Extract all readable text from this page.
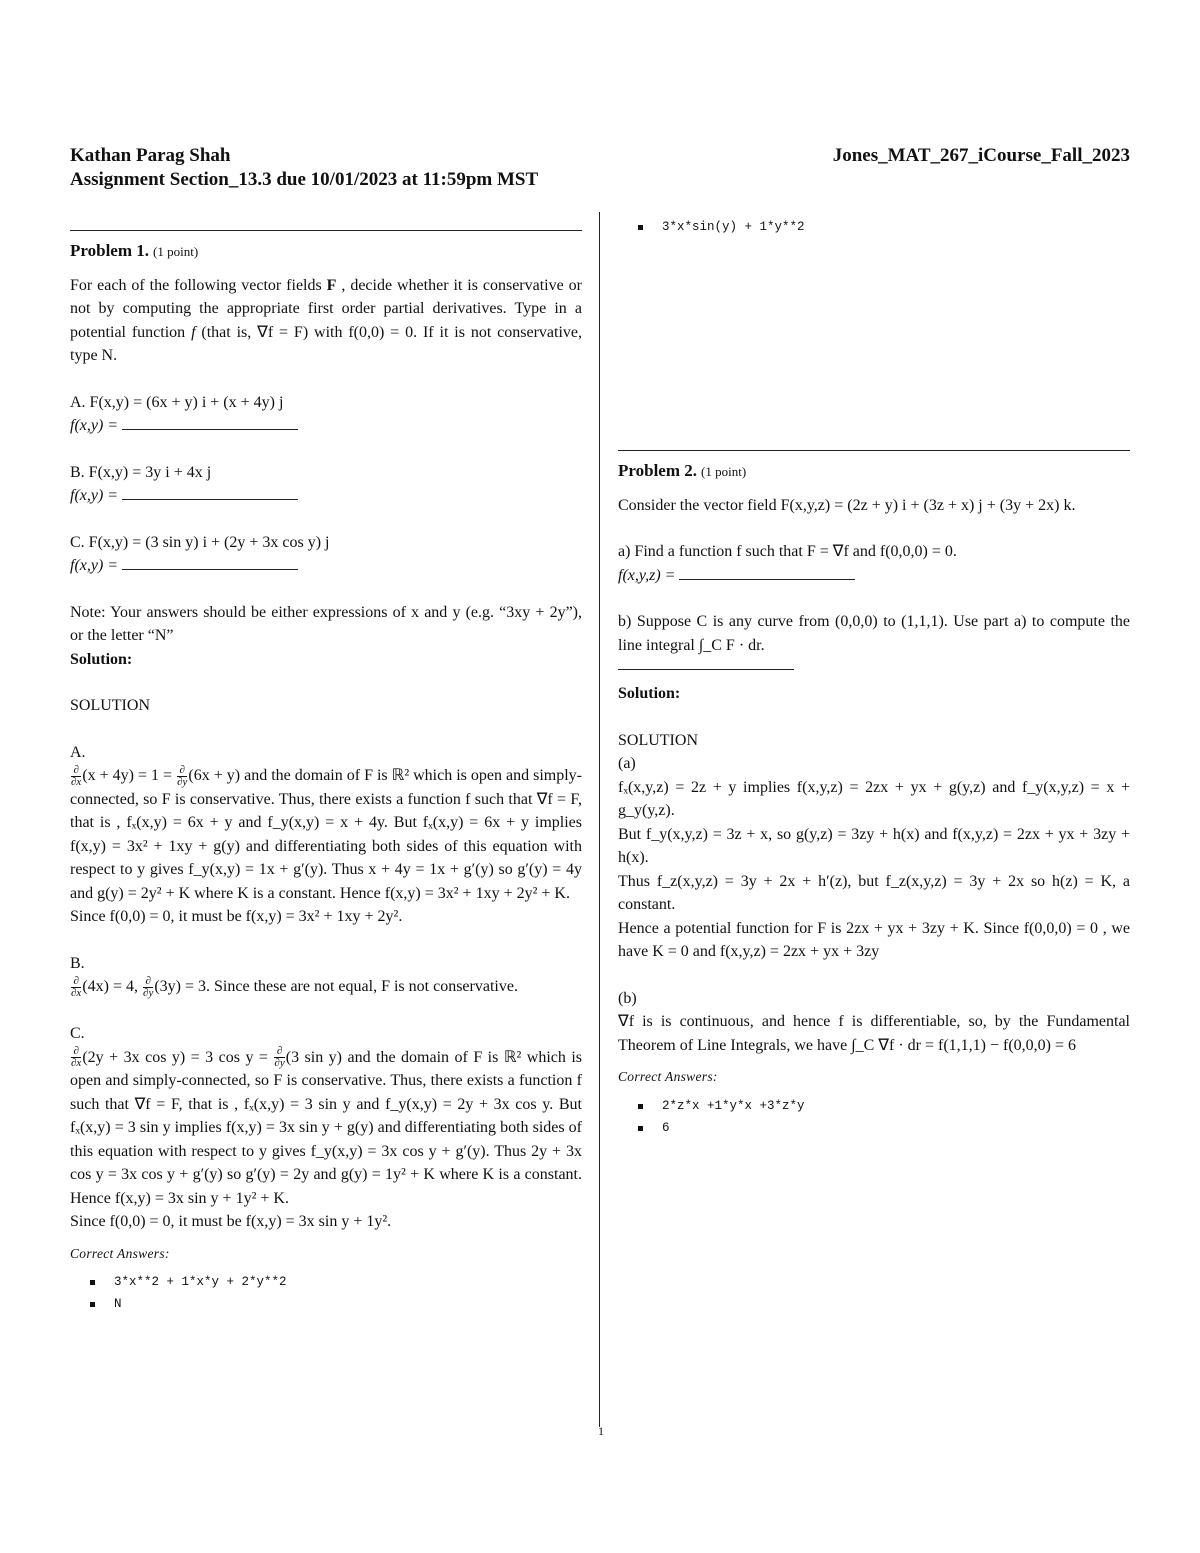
Kathan Parag Shah
Assignment Section_13.3 due 10/01/2023 at 11:59pm MST
Jones_MAT_267_iCourse_Fall_2023
Problem 1. (1 point)

For each of the following vector fields F , decide whether it is conservative or not by computing the appropriate first order partial derivatives. Type in a potential function f (that is, ∇f = F) with f(0,0) = 0. If it is not conservative, type N.

A. F(x,y) = (6x + y) i + (x + 4y) j
f(x,y) =
B. F(x,y) = 3y i + 4x j
f(x,y) =
C. F(x,y) = (3 sin y) i + (2y + 3x cos y) j
f(x,y) =

Note: Your answers should be either expressions of x and y (e.g. “3xy + 2y”), or the letter “N”

Solution:
SOLUTION
A.

$\frac{\partial}{\partial x} (x + 4y) = 1 = \frac{\partial}{\partial y} (6x + y)$ and the domain of F is ℝ² which is open and simply-connected, so F is conservative. Thus, there exists a function f such that ∇f = F, that is , fₓ(x,y) = 6x + y and f_y(x,y) = x + 4y. But fₓ(x,y) = 6x + y implies f(x,y) = 3x² + 1xy + g(y) and differentiating both sides of this equation with respect to y gives f_y(x,y) = 1x + g′(y). Thus x + 4y = 1x + g′(y) so g′(y) = 4y and g(y) = 2y² + K where K is a constant. Hence f(x,y) = 3x² + 1xy + 2y² + K.

Since f(0,0) = 0, it must be f(x,y) = 3x² + 1xy + 2y².

B.

$\frac{\partial}{\partial x} (4x) = 4$, $\frac{\partial}{\partial y} (3y) = 3$. Since these are not equal, F is not conservative.

C.

$\frac{\partial}{\partial x} (2y + 3x$ cos y) = 3 $\cos y = \frac{\partial}{\partial y} (3$ sin y) and the domain of F is ℝ² which is open and simply-connected, so F is conservative. Thus, there exists a function f such that ∇f = F, that is , fₓ(x,y) = 3 sin y and f_y(x,y) = 2y + 3x cos y. But fₓ(x,y) = 3 sin y implies f(x,y) = 3x sin y + g(y) and differentiating both sides of this equation with respect to y gives f_y(x,y) = 3x cos y + g′(y). Thus 2y + 3x cos y = 3x cos y + g′(y) so g′(y) = 2y and g(y) = 1y² + K where K is a constant. Hence f(x,y) = 3x sin y + 1y² + K.

Since f(0,0) = 0, it must be f(x,y) = 3x sin y + 1y².

Correct Answers:
3*x**2 + 1*x*y + 2*y**2
N
3*x*sin(y) + 1*y**2
Problem 2. (1 point)

Consider the vector field F(x,y,z) = (2z + y) i + (3z + x) j + (3y + 2x) k.

a) Find a function f such that F = ∇f and f(0,0,0) = 0.

f(x,y,z) =

b) Suppose C is any curve from (0,0,0) to (1,1,1). Use part a) to compute the line integral ∫_C F · dr.

Solution:
SOLUTION
(a)

fₓ(x,y,z) = 2z + y implies f(x,y,z) = 2zx + yx + g(y,z) and f_y(x,y,z) = x + g_y(y,z).

But f_y(x,y,z) = 3z + x, so g(y,z) = 3zy + h(x) and f(x,y,z) = 2zx + yx + 3zy + h(x).

Thus f_z(x,y,z) = 3y + 2x + h′(z), but f_z(x,y,z) = 3y + 2x so h(z) = K, a constant.

Hence a potential function for F is 2zx + yx + 3zy + K. Since f(0,0,0) = 0 , we have K = 0 and f(x,y,z) = 2zx + yx + 3zy

(b)

∇f is is continuous, and hence f is differentiable, so, by the Fundamental Theorem of Line Integrals, we have ∫_C ∇f · dr = f(1,1,1) − f(0,0,0) = 6

Correct Answers:
2*z*x +1*y*x +3*z*y
6
1
